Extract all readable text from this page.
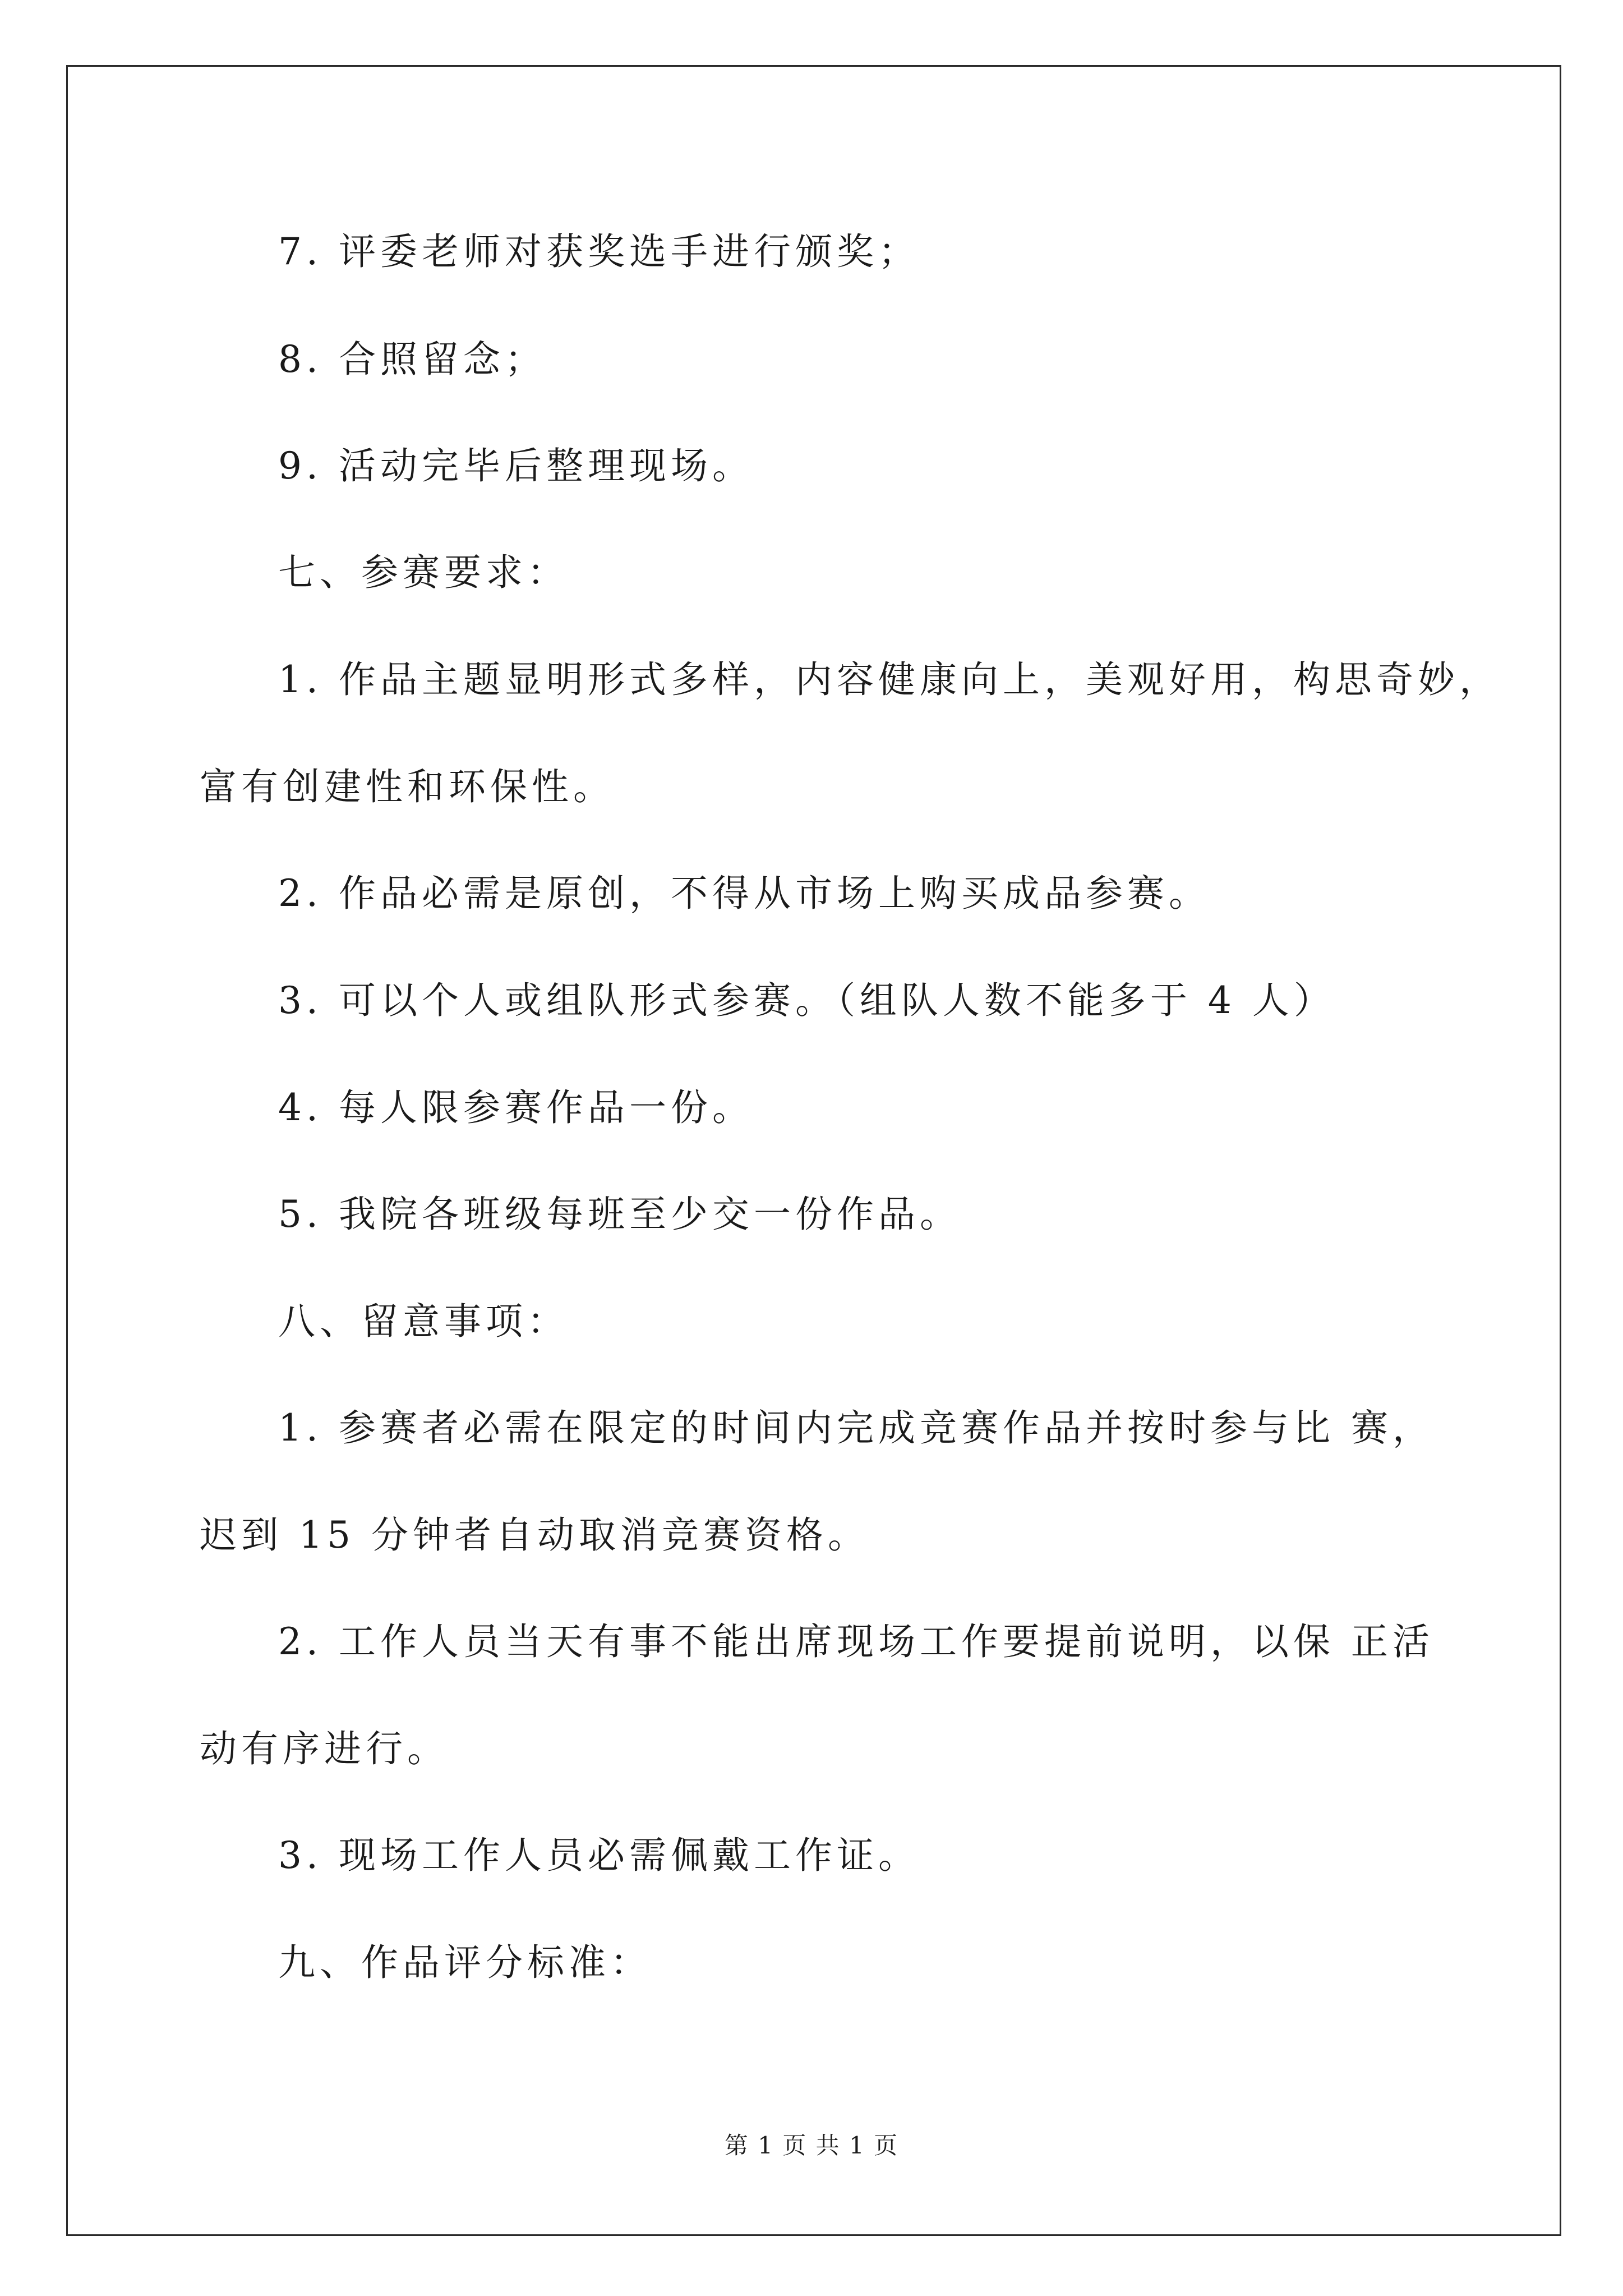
7. 评委老师对获奖选手进行颁奖；
8. 合照留念；
9. 活动完毕后整理现场。
七、参赛要求：
1. 作品主题显明形式多样，内容健康向上，美观好用，构思奇妙，
富有创建性和环保性。
2. 作品必需是原创，不得从市场上购买成品参赛。
3. 可以个人或组队形式参赛。（组队人数不能多于 4 人）
4. 每人限参赛作品一份。
5. 我院各班级每班至少交一份作品。
八、留意事项：
1. 参赛者必需在限定的时间内完成竞赛作品并按时参与比 赛，
迟到 15 分钟者自动取消竞赛资格。
2. 工作人员当天有事不能出席现场工作要提前说明，以保 正活
动有序进行。
3. 现场工作人员必需佩戴工作证。
九、作品评分标准：
第 1 页 共 1 页
